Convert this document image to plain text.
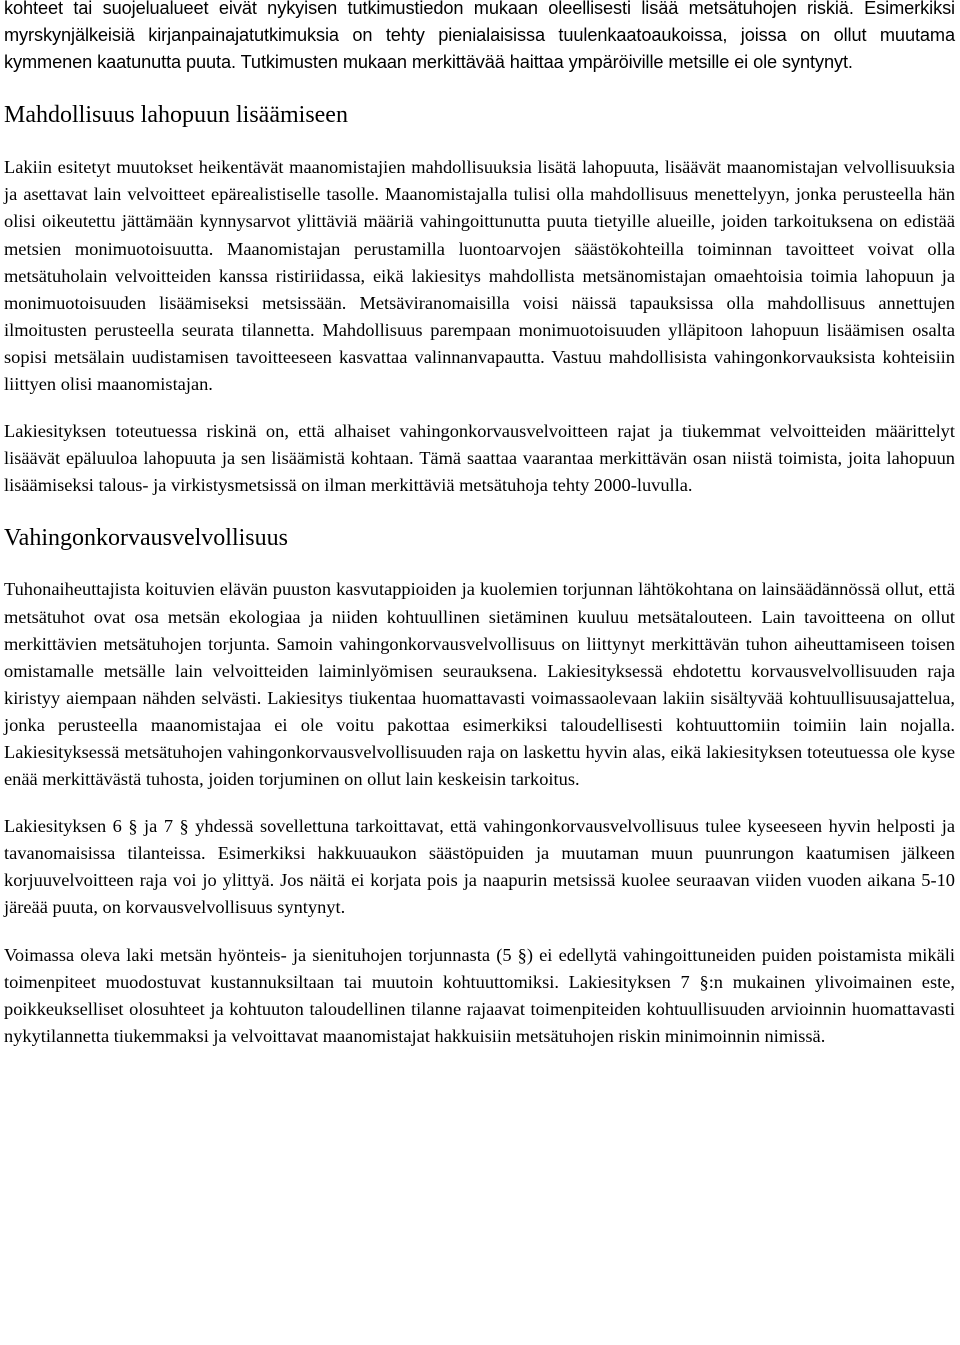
kohteet tai suojelualueet eivät nykyisen tutkimustiedon mukaan oleellisesti lisää metsätuhojen riskiä. Esimerkiksi myrskynjälkeisiä kirjanpainajatutkimuksia on tehty pienialaisissa tuulenkaatoaukoissa, joissa on ollut muutama kymmenen kaatunutta puuta. Tutkimusten mukaan merkittävää haittaa ympäröiville metsille ei ole syntynyt.

Mahdollisuus lahopuun lisäämiseen

Lakiin esitetyt muutokset heikentävät maanomistajien mahdollisuuksia lisätä lahopuuta, lisäävät maanomistajan velvollisuuksia ja asettavat lain velvoitteet epärealistiselle tasolle. Maanomistajalla tulisi olla mahdollisuus menettelyyn, jonka perusteella hän olisi oikeutettu jättämään kynnysarvot ylittäviä määriä vahingoittunutta puuta tietyille alueille, joiden tarkoituksena on edistää metsien monimuotoisuutta. Maanomistajan perustamilla luontoarvojen säästökohteilla toiminnan tavoitteet voivat olla metsätuholain velvoitteiden kanssa ristiriidassa, eikä lakiesitys mahdollista metsänomistajan omaehtoisia toimia lahopuun ja monimuotoisuuden lisäämiseksi metsissään. Metsäviranomaisilla voisi näissä tapauksissa olla mahdollisuus annettujen ilmoitusten perusteella seurata tilannetta. Mahdollisuus parempaan monimuotoisuuden ylläpitoon lahopuun lisäämisen osalta sopisi metsälain uudistamisen tavoitteeseen kasvattaa valinnanvapautta. Vastuu mahdollisista vahingonkorvauksista kohteisiin liittyen olisi maanomistajan.

Lakiesityksen toteutuessa riskinä on, että alhaiset vahingonkorvausvelvoitteen rajat ja tiukemmat velvoitteiden määrittelyt lisäävät epäluuloa lahopuuta ja sen lisäämistä kohtaan. Tämä saattaa vaarantaa merkittävän osan niistä toimista, joita lahopuun lisäämiseksi talous- ja virkistysmetsissä on ilman merkittäviä metsätuhoja tehty 2000-luvulla.

Vahingonkorvausvelvollisuus

Tuhonaiheuttajista koituvien elävän puuston kasvutappioiden ja kuolemien torjunnan lähtökohtana on lainsäädännössä ollut, että metsätuhot ovat osa metsän ekologiaa ja niiden kohtuullinen sietäminen kuuluu metsätalouteen. Lain tavoitteena on ollut merkittävien metsätuhojen torjunta. Samoin vahingonkorvausvelvollisuus on liittynyt merkittävän tuhon aiheuttamiseen toisen omistamalle metsälle lain velvoitteiden laiminlyömisen seurauksena. Lakiesityksessä ehdotettu korvausvelvollisuuden raja kiristyy aiempaan nähden selvästi. Lakiesitys tiukentaa huomattavasti voimassaolevaan lakiin sisältyvää kohtuullisuusajattelua, jonka perusteella maanomistajaa ei ole voitu pakottaa esimerkiksi taloudellisesti kohtuuttomiin toimiin lain nojalla. Lakiesityksessä metsätuhojen vahingonkorvausvelvollisuuden raja on laskettu hyvin alas, eikä lakiesityksen toteutuessa ole kyse enää merkittävästä tuhosta, joiden torjuminen on ollut lain keskeisin tarkoitus.

Lakiesityksen 6 § ja 7 § yhdessä sovellettuna tarkoittavat, että vahingonkorvausvelvollisuus tulee kyseeseen hyvin helposti ja tavanomaisissa tilanteissa. Esimerkiksi hakkuuaukon säästöpuiden ja muutaman muun puunrungon kaatumisen jälkeen korjuuvelvoitteen raja voi jo ylittyä. Jos näitä ei korjata pois ja naapurin metsissä kuolee seuraavan viiden vuoden aikana 5-10 järeää puuta, on korvausvelvollisuus syntynyt.

Voimassa oleva laki metsän hyönteis- ja sienituhojen torjunnasta (5 §) ei edellytä vahingoittuneiden puiden poistamista mikäli toimenpiteet muodostuvat kustannuksiltaan tai muutoin kohtuuttomiksi. Lakiesityksen 7 §:n mukainen ylivoimainen este, poikkeukselliset olosuhteet ja kohtuuton taloudellinen tilanne rajaavat toimenpiteiden kohtuullisuuden arvioinnin huomattavasti nykytilannetta tiukemmaksi ja velvoittavat maanomistajat hakkuisiin metsätuhojen riskin minimoinnin nimissä.
